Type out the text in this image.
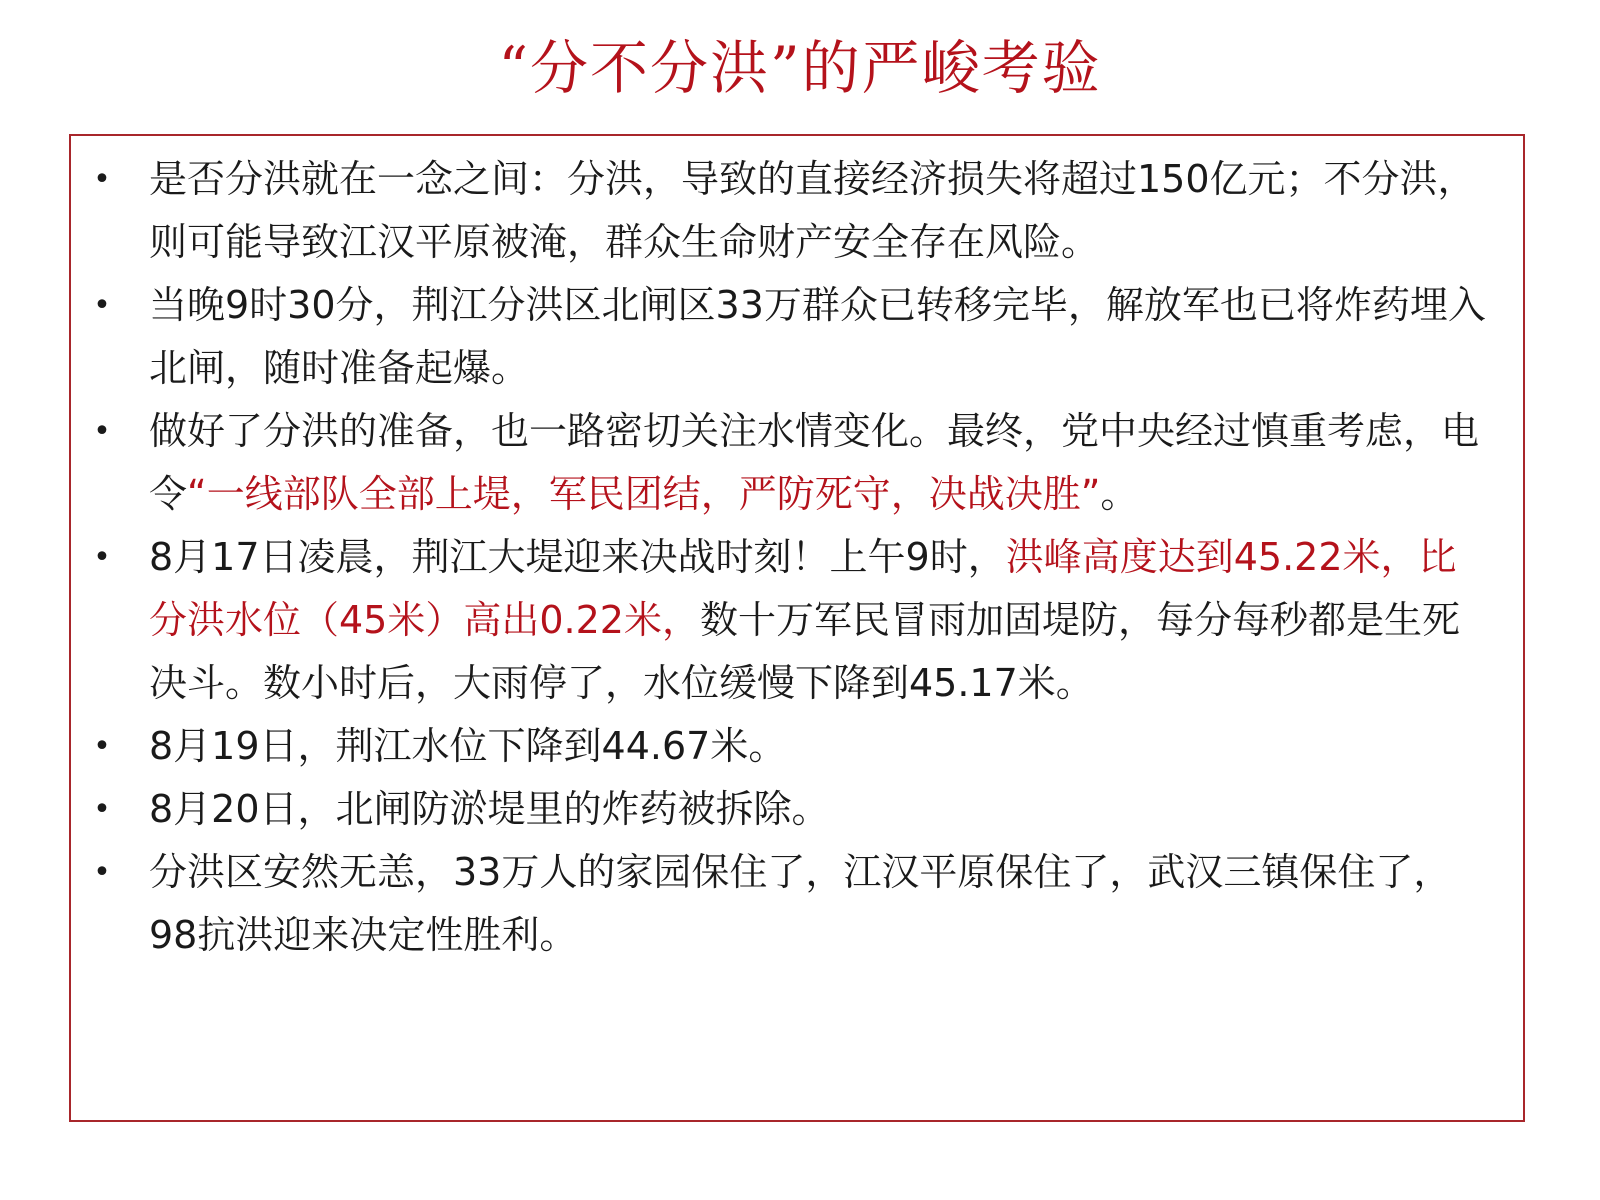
“分不分洪”的严峻考验
• 是否分洪就在一念之间：分洪，导致的直接经济损失将超过150亿元；不分洪，则可能导致江汉平原被淹，群众生命财产安全存在风险。
• 当晚9时30分，荆江分洪区北闸区33万群众已转移完毕，解放军也已将炸药埋入北闸，随时准备起爆。
• 做好了分洪的准备，也一路密切关注水情变化。最终，党中央经过慎重考虑，电令“一线部队全部上堤，军民团结，严防死守，决战决胜”。
• 8月17日凌晨，荆江大堤迎来决战时刻！上午9时，洪峰高度达到45.22米，比分洪水位（45米）高出0.22米，数十万军民冒雨加固堤防，每分每秒都是生死决斗。数小时后，大雨停了，水位缓慢下降到45.17米。
• 8月19日，荆江水位下降到44.67米。
• 8月20日，北闸防淤堤里的炸药被拆除。
• 分洪区安然无恙，33万人的家园保住了，江汉平原保住了，武汉三镇保住了，98抗洪迎来决定性胜利。
